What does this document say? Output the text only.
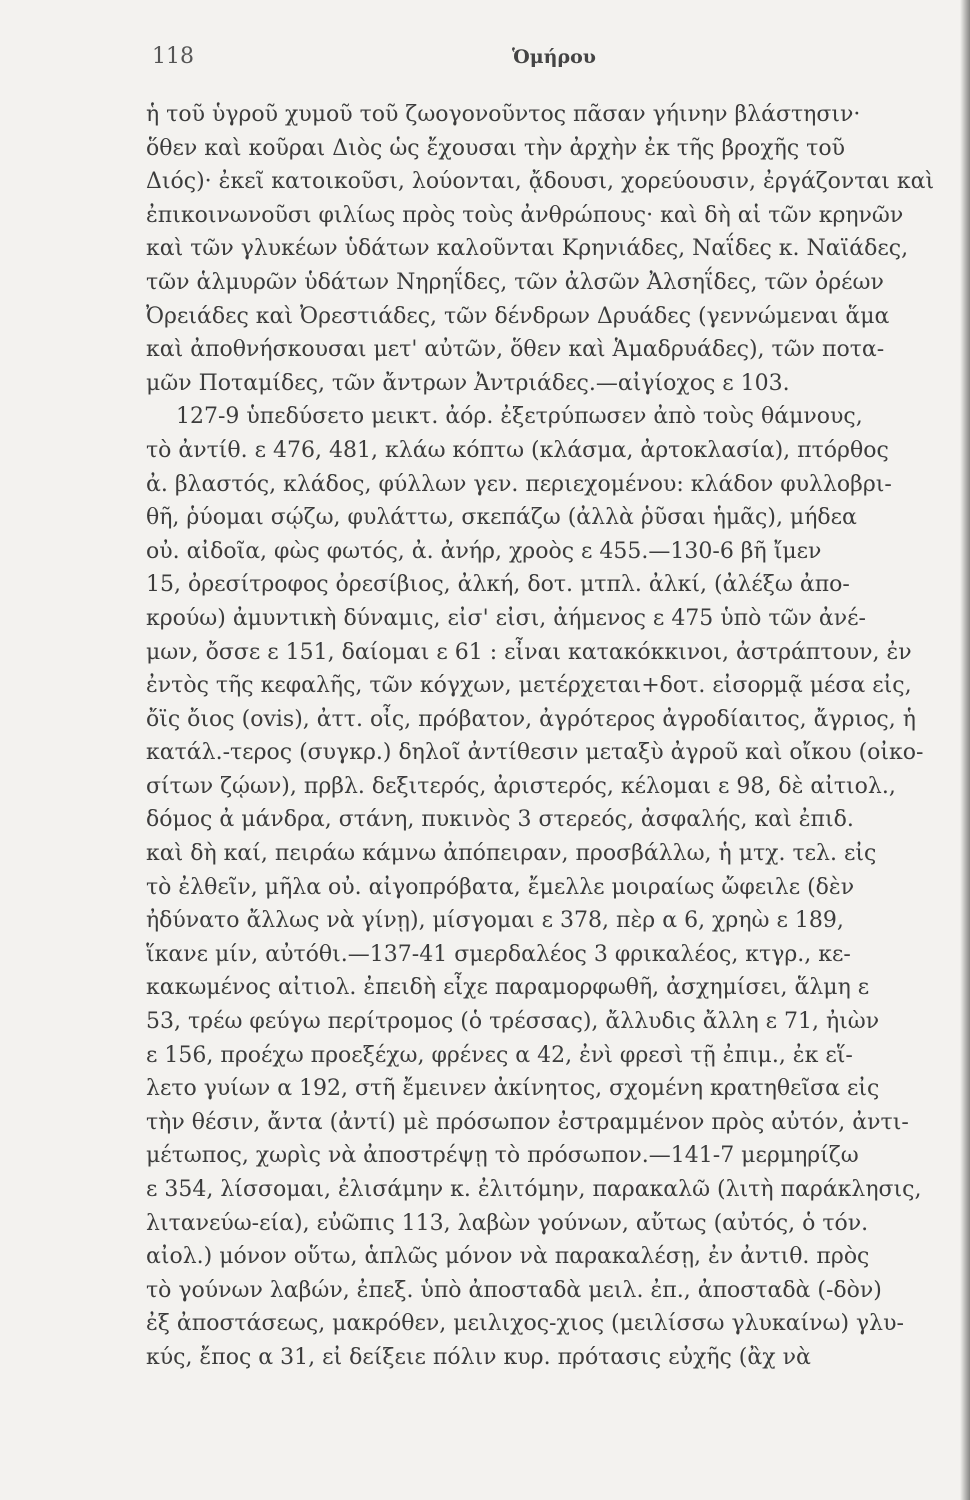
118	Ὁμήρου
ἡ τοῦ ὑγροῦ χυμοῦ τοῦ ζωογονοῦντος πᾶσαν γήινην βλάστησιν·
ὅθεν καὶ κοῦραι Διὸς ὡς ἔχουσαι τὴν ἀρχὴν ἐκ τῆς βροχῆς τοῦ
Διός)· ἐκεῖ κατοικοῦσι, λούονται, ᾄδουσι, χορεύουσιν, ἐργάζονται καὶ
ἐπικοινωνοῦσι φιλίως πρὸς τοὺς ἀνθρώπους· καὶ δὴ αἱ τῶν κρηνῶν
καὶ τῶν γλυκέων ὑδάτων καλοῦνται Κρηνιάδες, Ναΐδες κ. Ναϊάδες,
τῶν ἁλμυρῶν ὑδάτων Νηρηΐδες, τῶν ἀλσῶν Ἀλσηΐδες, τῶν ὀρέων
Ὀρειάδες καὶ Ὀρεστιάδες, τῶν δένδρων Δρυάδες (γεννώμεναι ἅμα
καὶ ἀποθνήσκουσαι μετ' αὐτῶν, ὅθεν καὶ Ἁμαδρυάδες), τῶν ποτα-
μῶν Ποταμίδες, τῶν ἄντρων Ἀντριάδες.—αἰγίοχος ε 103.
127-9 ὑπεδύσετο μεικτ. ἀόρ. ἐξετρύπωσεν ἀπὸ τοὺς θάμνους,
τὸ ἀντίθ. ε 476, 481, κλάω κόπτω (κλάσμα, ἀρτοκλασία), πτόρθος
ἀ. βλαστός, κλάδος, φύλλων γεν. περιεχομένου: κλάδον φυλλοβρι-
θῆ, ῥύομαι σῴζω, φυλάττω, σκεπάζω (ἀλλὰ ῥῦσαι ἡμᾶς), μήδεα
οὐ. αἰδοῖα, φὼς φωτός, ἀ. ἀνήρ, χροὸς ε 455.—130-6 βῆ ἴμεν
15, ὀρεσίτροφος ὀρεσίβιος, ἀλκή, δοτ. μτπλ. ἀλκί, (ἀλέξω ἀπο-
κρούω) ἀμυντικὴ δύναμις, εἰσ' εἰσι, ἀήμενος ε 475 ὑπὸ τῶν ἀνέ-
μων, ὄσσε ε 151, δαίομαι ε 61 : εἶναι κατακόκκινοι, ἀστράπτουν, ἐν
ἐντὸς τῆς κεφαλῆς, τῶν κόγχων, μετέρχεται+δοτ. εἰσορμᾷ μέσα εἰς,
ὄϊς ὄιος (ovis), ἀττ. οἶς, πρόβατον, ἀγρότερος ἀγροδίαιτος, ἄγριος, ἡ
κατάλ.-τερος (συγκρ.) δηλοῖ ἀντίθεσιν μεταξὺ ἀγροῦ καὶ οἴκου (οἰκο-
σίτων ζῴων), πρβλ. δεξιτερός, ἀριστερός, κέλομαι ε 98, δὲ αἰτιολ.,
δόμος ἀ μάνδρα, στάνη, πυκινὸς 3 στερεός, ἀσφαλής, καὶ ἐπιδ.
καὶ δὴ καί, πειράω κάμνω ἀπόπειραν, προσβάλλω, ἡ μτχ. τελ. εἰς
τὸ ἐλθεῖν, μῆλα οὐ. αἰγοπρόβατα, ἔμελλε μοιραίως ὤφειλε (δὲν
ἠδύνατο ἄλλως νὰ γίνῃ), μίσγομαι ε 378, πὲρ α 6, χρηὼ ε 189,
ἵκανε μίν, αὐτόθι.—137-41 σμερδαλέος 3 φρικαλέος, κτγρ., κε-
κακωμένος αἰτιολ. ἐπειδὴ εἶχε παραμορφωθῆ, ἀσχημίσει, ἅλμη ε
53, τρέω φεύγω περίτρομος (ὁ τρέσσας), ἄλλυδις ἄλλη ε 71, ἠιὼν
ε 156, προέχω προεξέχω, φρένες α 42, ἐνὶ φρεσὶ τῇ ἐπιμ., ἐκ εἵ-
λετο γυίων α 192, στῆ ἔμεινεν ἀκίνητος, σχομένη κρατηθεῖσα εἰς
τὴν θέσιν, ἄντα (ἀντί) μὲ πρόσωπον ἐστραμμένον πρὸς αὐτόν, ἀντι-
μέτωπος, χωρὶς νὰ ἀποστρέψῃ τὸ πρόσωπον.—141-7 μερμηρίζω
ε 354, λίσσομαι, ἐλισάμην κ. ἐλιτόμην, παρακαλῶ (λιτὴ παράκλησις,
λιτανεύω-εία), εὐῶπις 113, λαβὼν γούνων, αὔτως (αὐτός, ὁ τόν.
αἰολ.) μόνον οὕτω, ἁπλῶς μόνον νὰ παρακαλέσῃ, ἐν ἀντιθ. πρὸς
τὸ γούνων λαβών, ἐπεξ. ὑπὸ ἀποσταδὰ μειλ. ἐπ., ἀποσταδὰ (-δὸν)
ἐξ ἀποστάσεως, μακρόθεν, μειλιχος-χιος (μειλίσσω γλυκαίνω) γλυ-
κύς, ἔπος α 31, εἰ δείξειε πόλιν κυρ. πρότασις εὐχῆς (ἂχ νὰ
